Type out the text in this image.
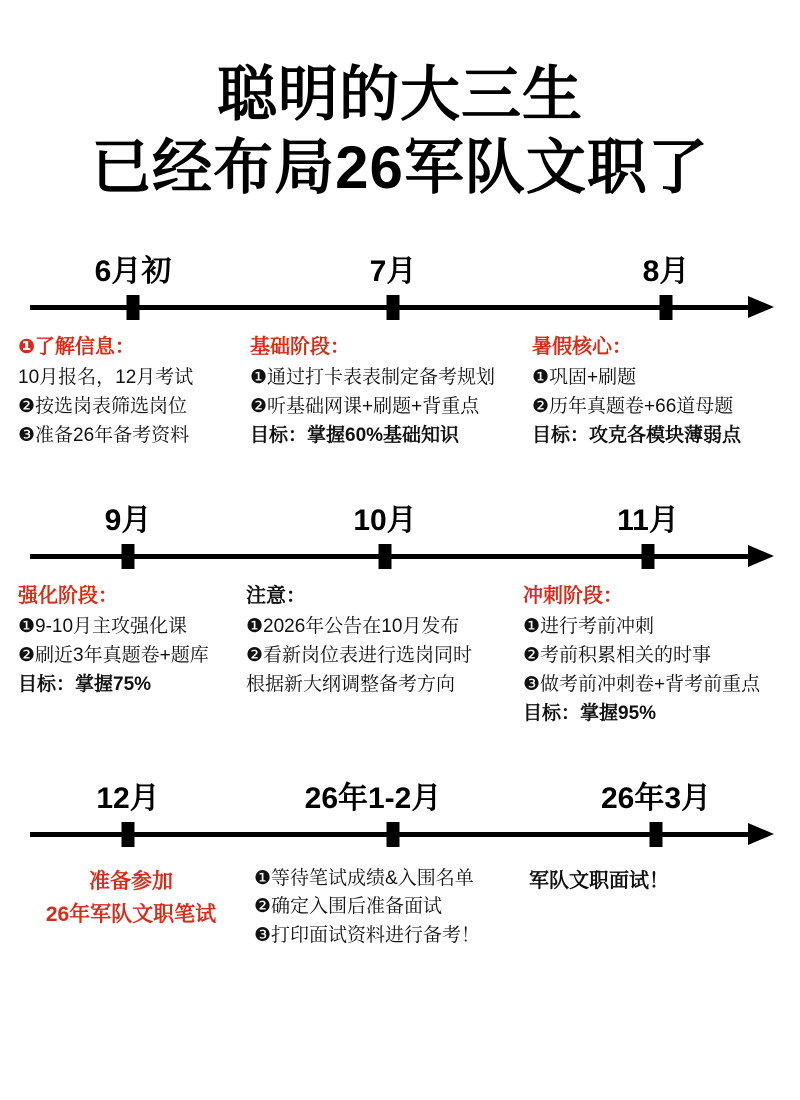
聪明的大三生
已经布局26军队文职了
6月初	7月	8月
❶了解信息：
10月报名，12月考试
❷按选岗表筛选岗位
❸准备26年备考资料
基础阶段：
❶通过打卡表表制定备考规划
❷听基础网课+刷题+背重点
目标：掌握60%基础知识
暑假核心：
❶巩固+刷题
❷历年真题卷+66道母题
目标：攻克各模块薄弱点
9月	10月	11月
强化阶段：
❶9-10月主攻强化课
❷刷近3年真题卷+题库
目标：掌握75%
注意：
❶2026年公告在10月发布
❷看新岗位表进行选岗同时
根据新大纲调整备考方向
冲刺阶段：
❶进行考前冲刺
❷考前积累相关的时事
❸做考前冲刺卷+背考前重点
目标：掌握95%
12月	26年1-2月	26年3月
准备参加
26年军队文职笔试
❶等待笔试成绩&入围名单
❷确定入围后准备面试
❸打印面试资料进行备考！
军队文职面试！
